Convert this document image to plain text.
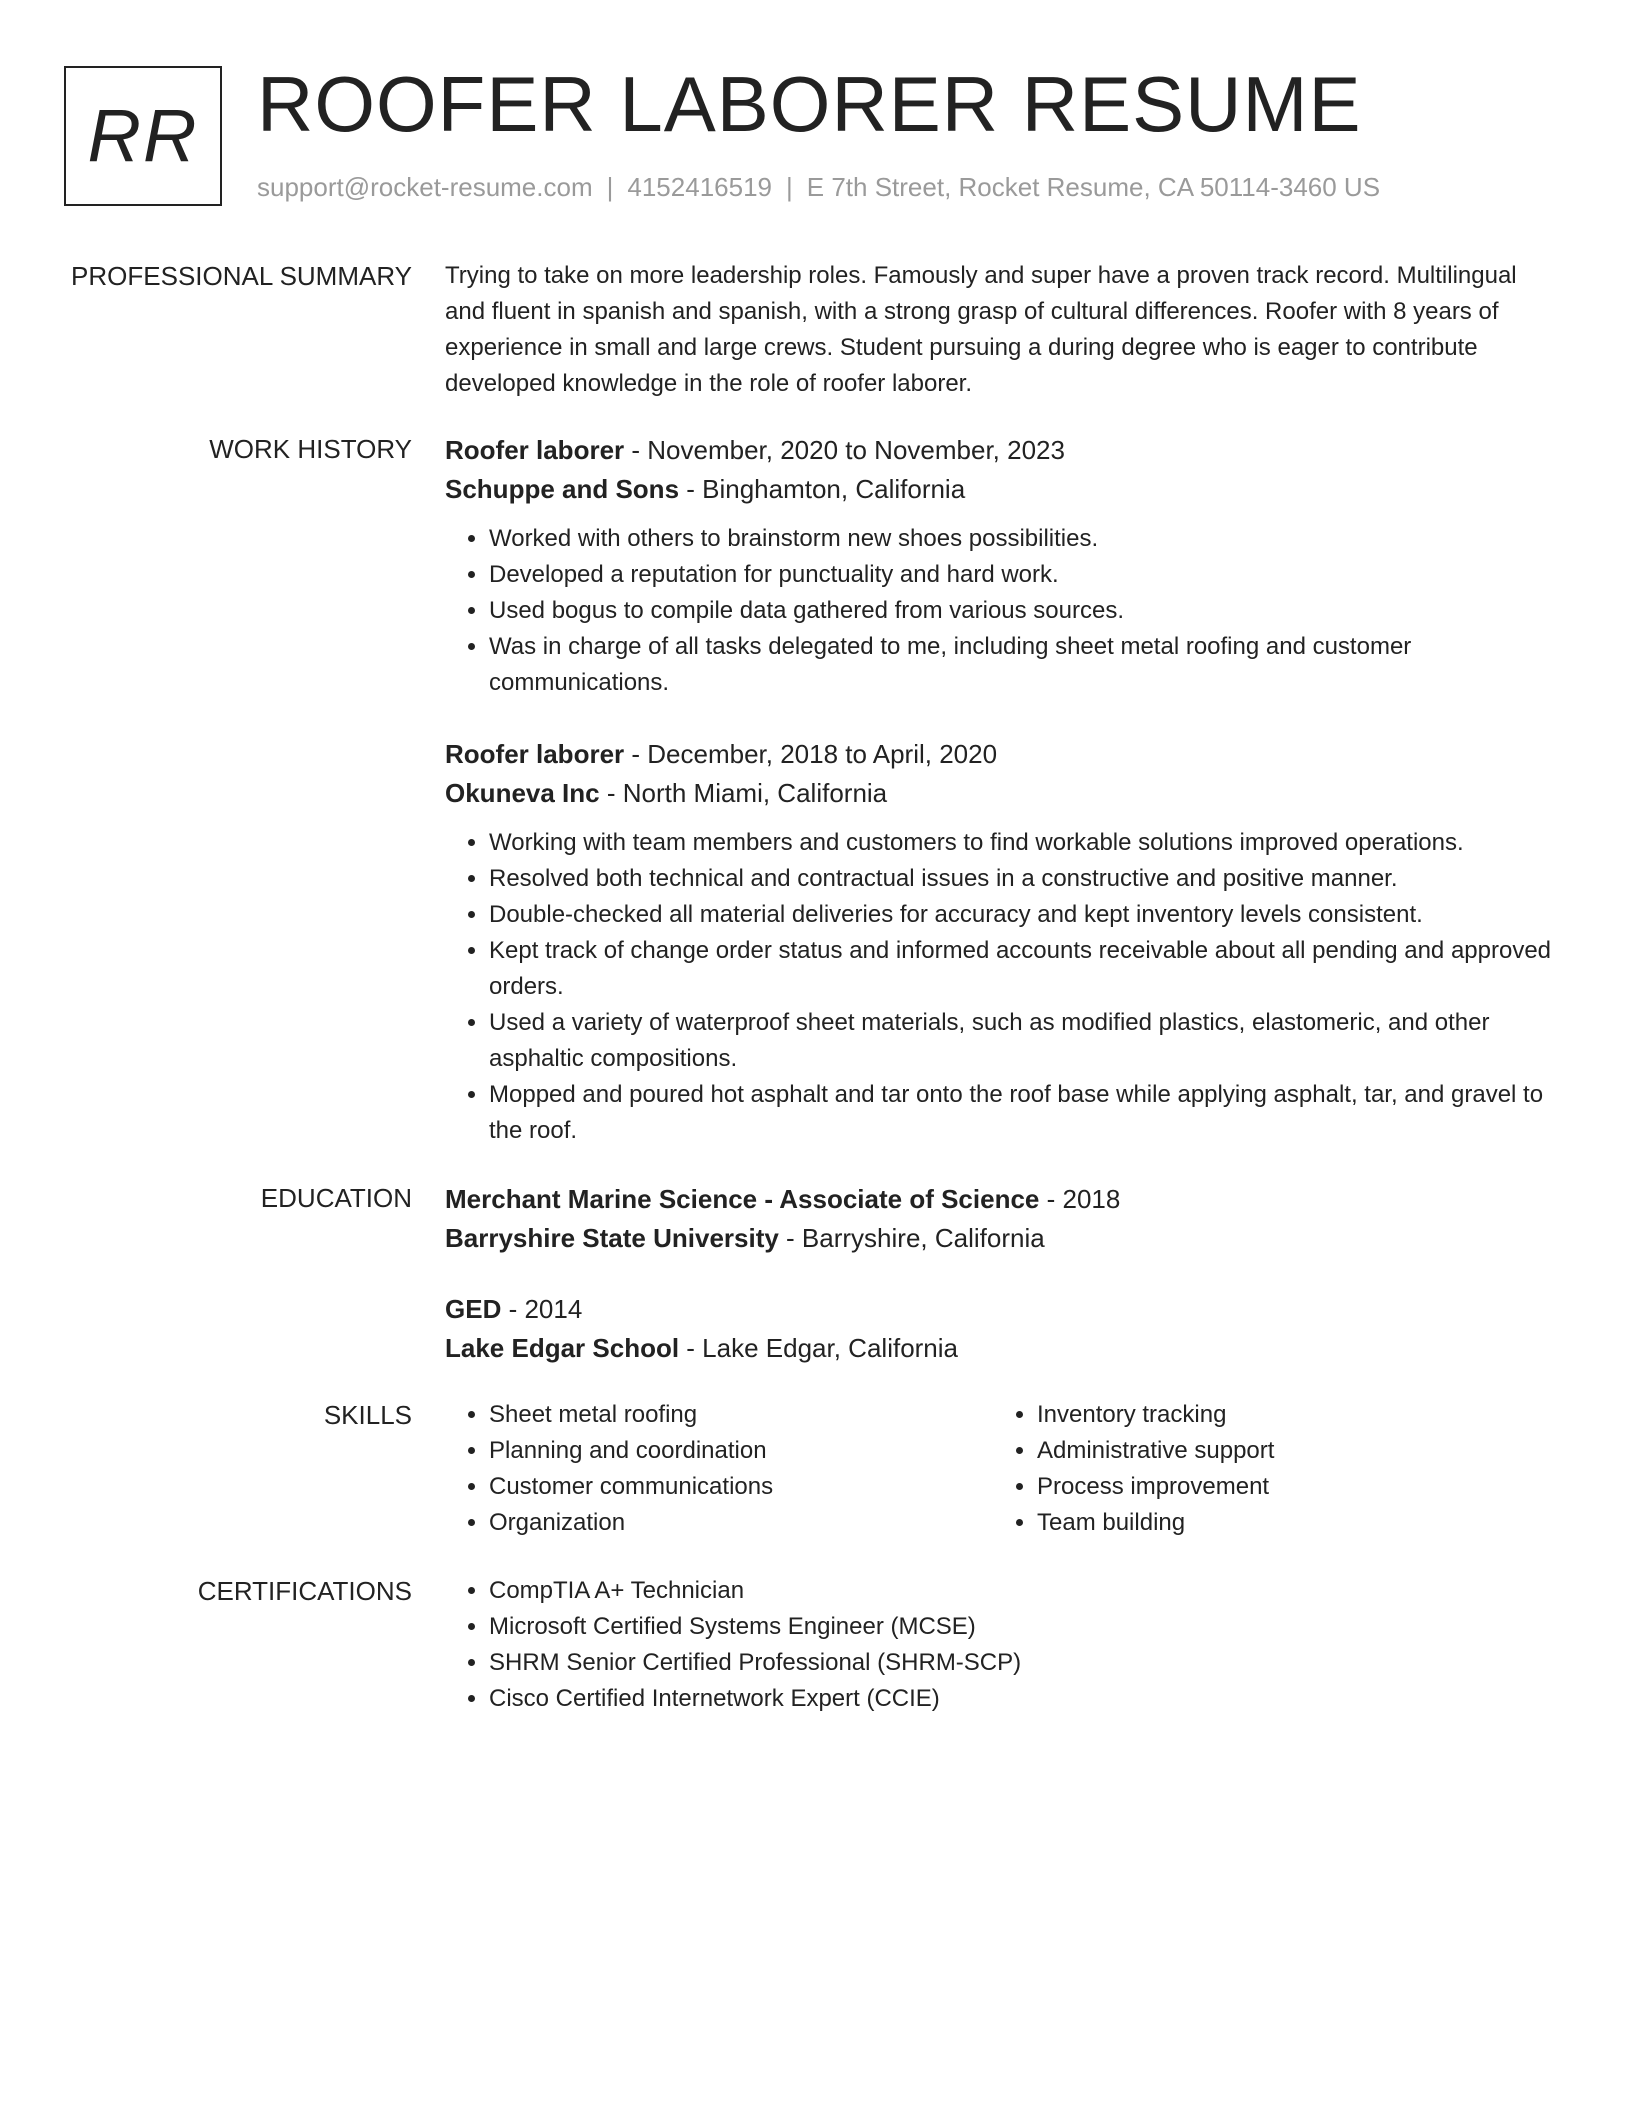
RR ROOFER LABORER RESUME
support@rocket-resume.com | 4152416519 | E 7th Street, Rocket Resume, CA 50114-3460 US
PROFESSIONAL SUMMARY Trying to take on more leadership roles. Famously and super have a proven track record. Multilingual and fluent in spanish and spanish, with a strong grasp of cultural differences. Roofer with 8 years of experience in small and large crews. Student pursuing a during degree who is eager to contribute developed knowledge in the role of roofer laborer.

WORK HISTORY Roofer laborer - November, 2020 to November, 2023
Schuppe and Sons - Binghamton, California
• Worked with others to brainstorm new shoes possibilities.
• Developed a reputation for punctuality and hard work.
• Used bogus to compile data gathered from various sources.
• Was in charge of all tasks delegated to me, including sheet metal roofing and customer communications.
Roofer laborer - December, 2018 to April, 2020
Okuneva Inc - North Miami, California
• Working with team members and customers to find workable solutions improved operations.
• Resolved both technical and contractual issues in a constructive and positive manner.
• Double-checked all material deliveries for accuracy and kept inventory levels consistent.
• Kept track of change order status and informed accounts receivable about all pending and approved orders.
• Used a variety of waterproof sheet materials, such as modified plastics, elastomeric, and other asphaltic compositions.
• Mopped and poured hot asphalt and tar onto the roof base while applying asphalt, tar, and gravel to the roof.
EDUCATION Merchant Marine Science - Associate of Science - 2018
Barryshire State University - Barryshire, California
GED - 2014
Lake Edgar School - Lake Edgar, California
SKILLS	• Sheet metal roofing
• Planning and coordination
• Customer communications
• Organization
• Inventory tracking
• Administrative support
• Process improvement
• Team building
CERTIFICATIONS	• CompTIA A+ Technician
• Microsoft Certified Systems Engineer (MCSE)
• SHRM Senior Certified Professional (SHRM-SCP)
• Cisco Certified Internetwork Expert (CCIE)
